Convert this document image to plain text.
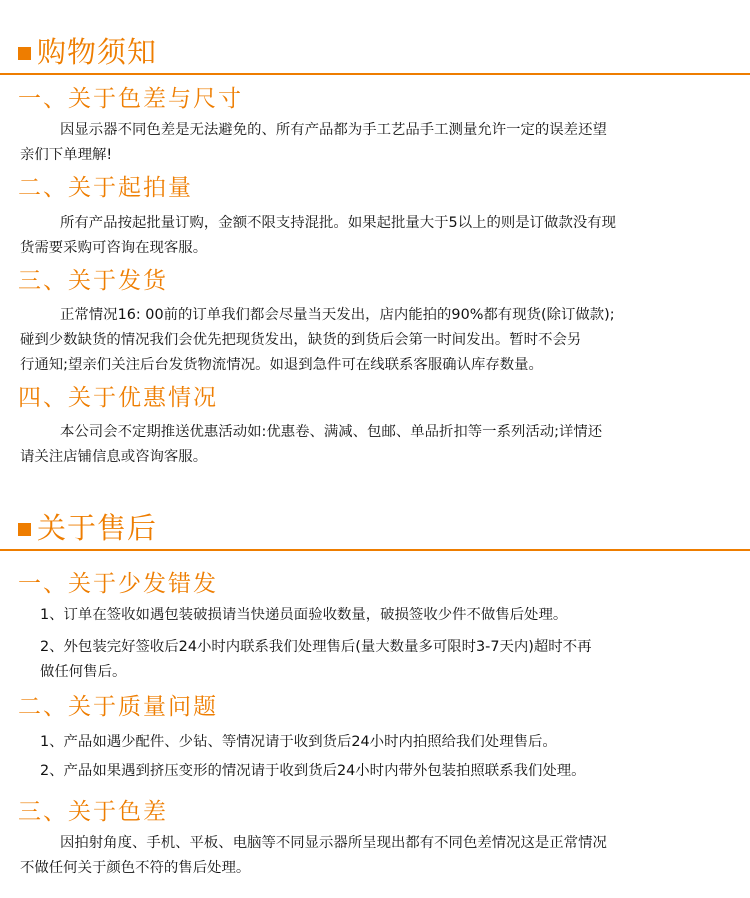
购物须知
一、关于色差与尺寸
因显示器不同色差是无法避免的、所有产品都为手工艺品手工测量允许一定的误差还望
亲们下单理解!
二、关于起拍量
所有产品按起批量订购，金额不限支持混批。如果起批量大于5以上的则是订做款没有现
货需要采购可咨询在现客服。
三、关于发货
正常情况16: 00前的订单我们都会尽量当天发出，店内能拍的90%都有现货(除订做款);
碰到少数缺货的情况我们会优先把现货发出，缺货的到货后会第一时间发出。暂时不会另
行通知;望亲们关注后台发货物流情况。如退到急件可在线联系客服确认库存数量。
四、关于优惠情况
本公司会不定期推送优惠活动如:优惠卷、满减、包邮、单品折扣等一系列活动;详情还
请关注店铺信息或咨询客服。
关于售后
一、关于少发错发
1、订单在签收如遇包装破损请当快递员面验收数量，破损签收少件不做售后处理。
2、外包装完好签收后24小时内联系我们处理售后(量大数量多可限时3-7天内)超时不再
做任何售后。
二、关于质量问题
1、产品如遇少配件、少钻、等情况请于收到货后24小时内拍照给我们处理售后。
2、产品如果遇到挤压变形的情况请于收到货后24小时内带外包装拍照联系我们处理。
三、关于色差
因拍射角度、手机、平板、电脑等不同显示器所呈现出都有不同色差情况这是正常情况
不做任何关于颜色不符的售后处理。
